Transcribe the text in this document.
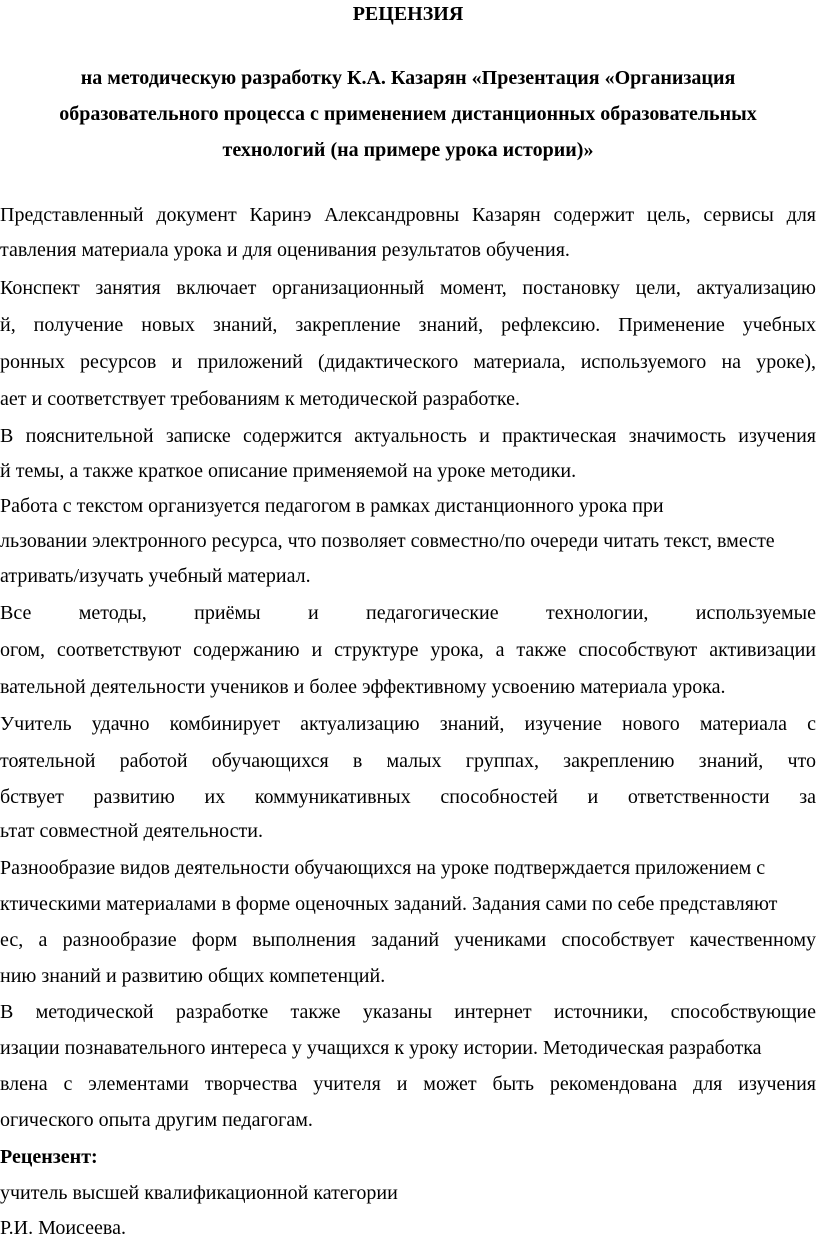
РЕЦЕНЗИЯ

на методическую разработку К.А. Казарян «Презентация «Организация образовательного процесса с применением дистанционных образовательных технологий (на примере урока истории)»

Представленный документ Каринэ Александровны Казарян содержит цель, сервисы для
тавления материала урока и для оценивания результатов обучения.
Конспект занятия включает организационный момент, постановку цели, актуализацию
й, получение новых знаний, закрепление знаний, рефлексию. Применение учебных
ронных ресурсов и приложений (дидактического материала, используемого на уроке),
ает и соответствует требованиям к методической разработке.
В пояснительной записке содержится актуальность и практическая значимость изучения
й темы, а также краткое описание применяемой на уроке методики.
Работа с текстом организуется педагогом в рамках дистанционного урока при
льзовании электронного ресурса, что позволяет совместно/по очереди читать текст, вместе
атривать/изучать учебный материал.
Все методы, приёмы и педагогические технологии, используемые
огом, соответствуют содержанию и структуре урока, а также способствуют активизации
вательной деятельности учеников и более эффективному усвоению материала урока.
Учитель удачно комбинирует актуализацию знаний, изучение нового материала с
тоятельной работой обучающихся в малых группах, закреплению знаний, что
бствует развитию их коммуникативных способностей и ответственности за
ьтат совместной деятельности.
Разнообразие видов деятельности обучающихся на уроке подтверждается приложением с
ктическими материалами в форме оценочных заданий. Задания сами по себе представляют
ес, а разнообразие форм выполнения заданий учениками способствует качественному
нию знаний и развитию общих компетенций.
В методической разработке также указаны интернет источники, способствующие
изации познавательного интереса у учащихся к уроку истории. Методическая разработка
влена с элементами творчества учителя и может быть рекомендована для изучения
огического опыта другим педагогам.
Рецензент:
учитель высшей квалификационной категории
Р.И. Моисеева.
